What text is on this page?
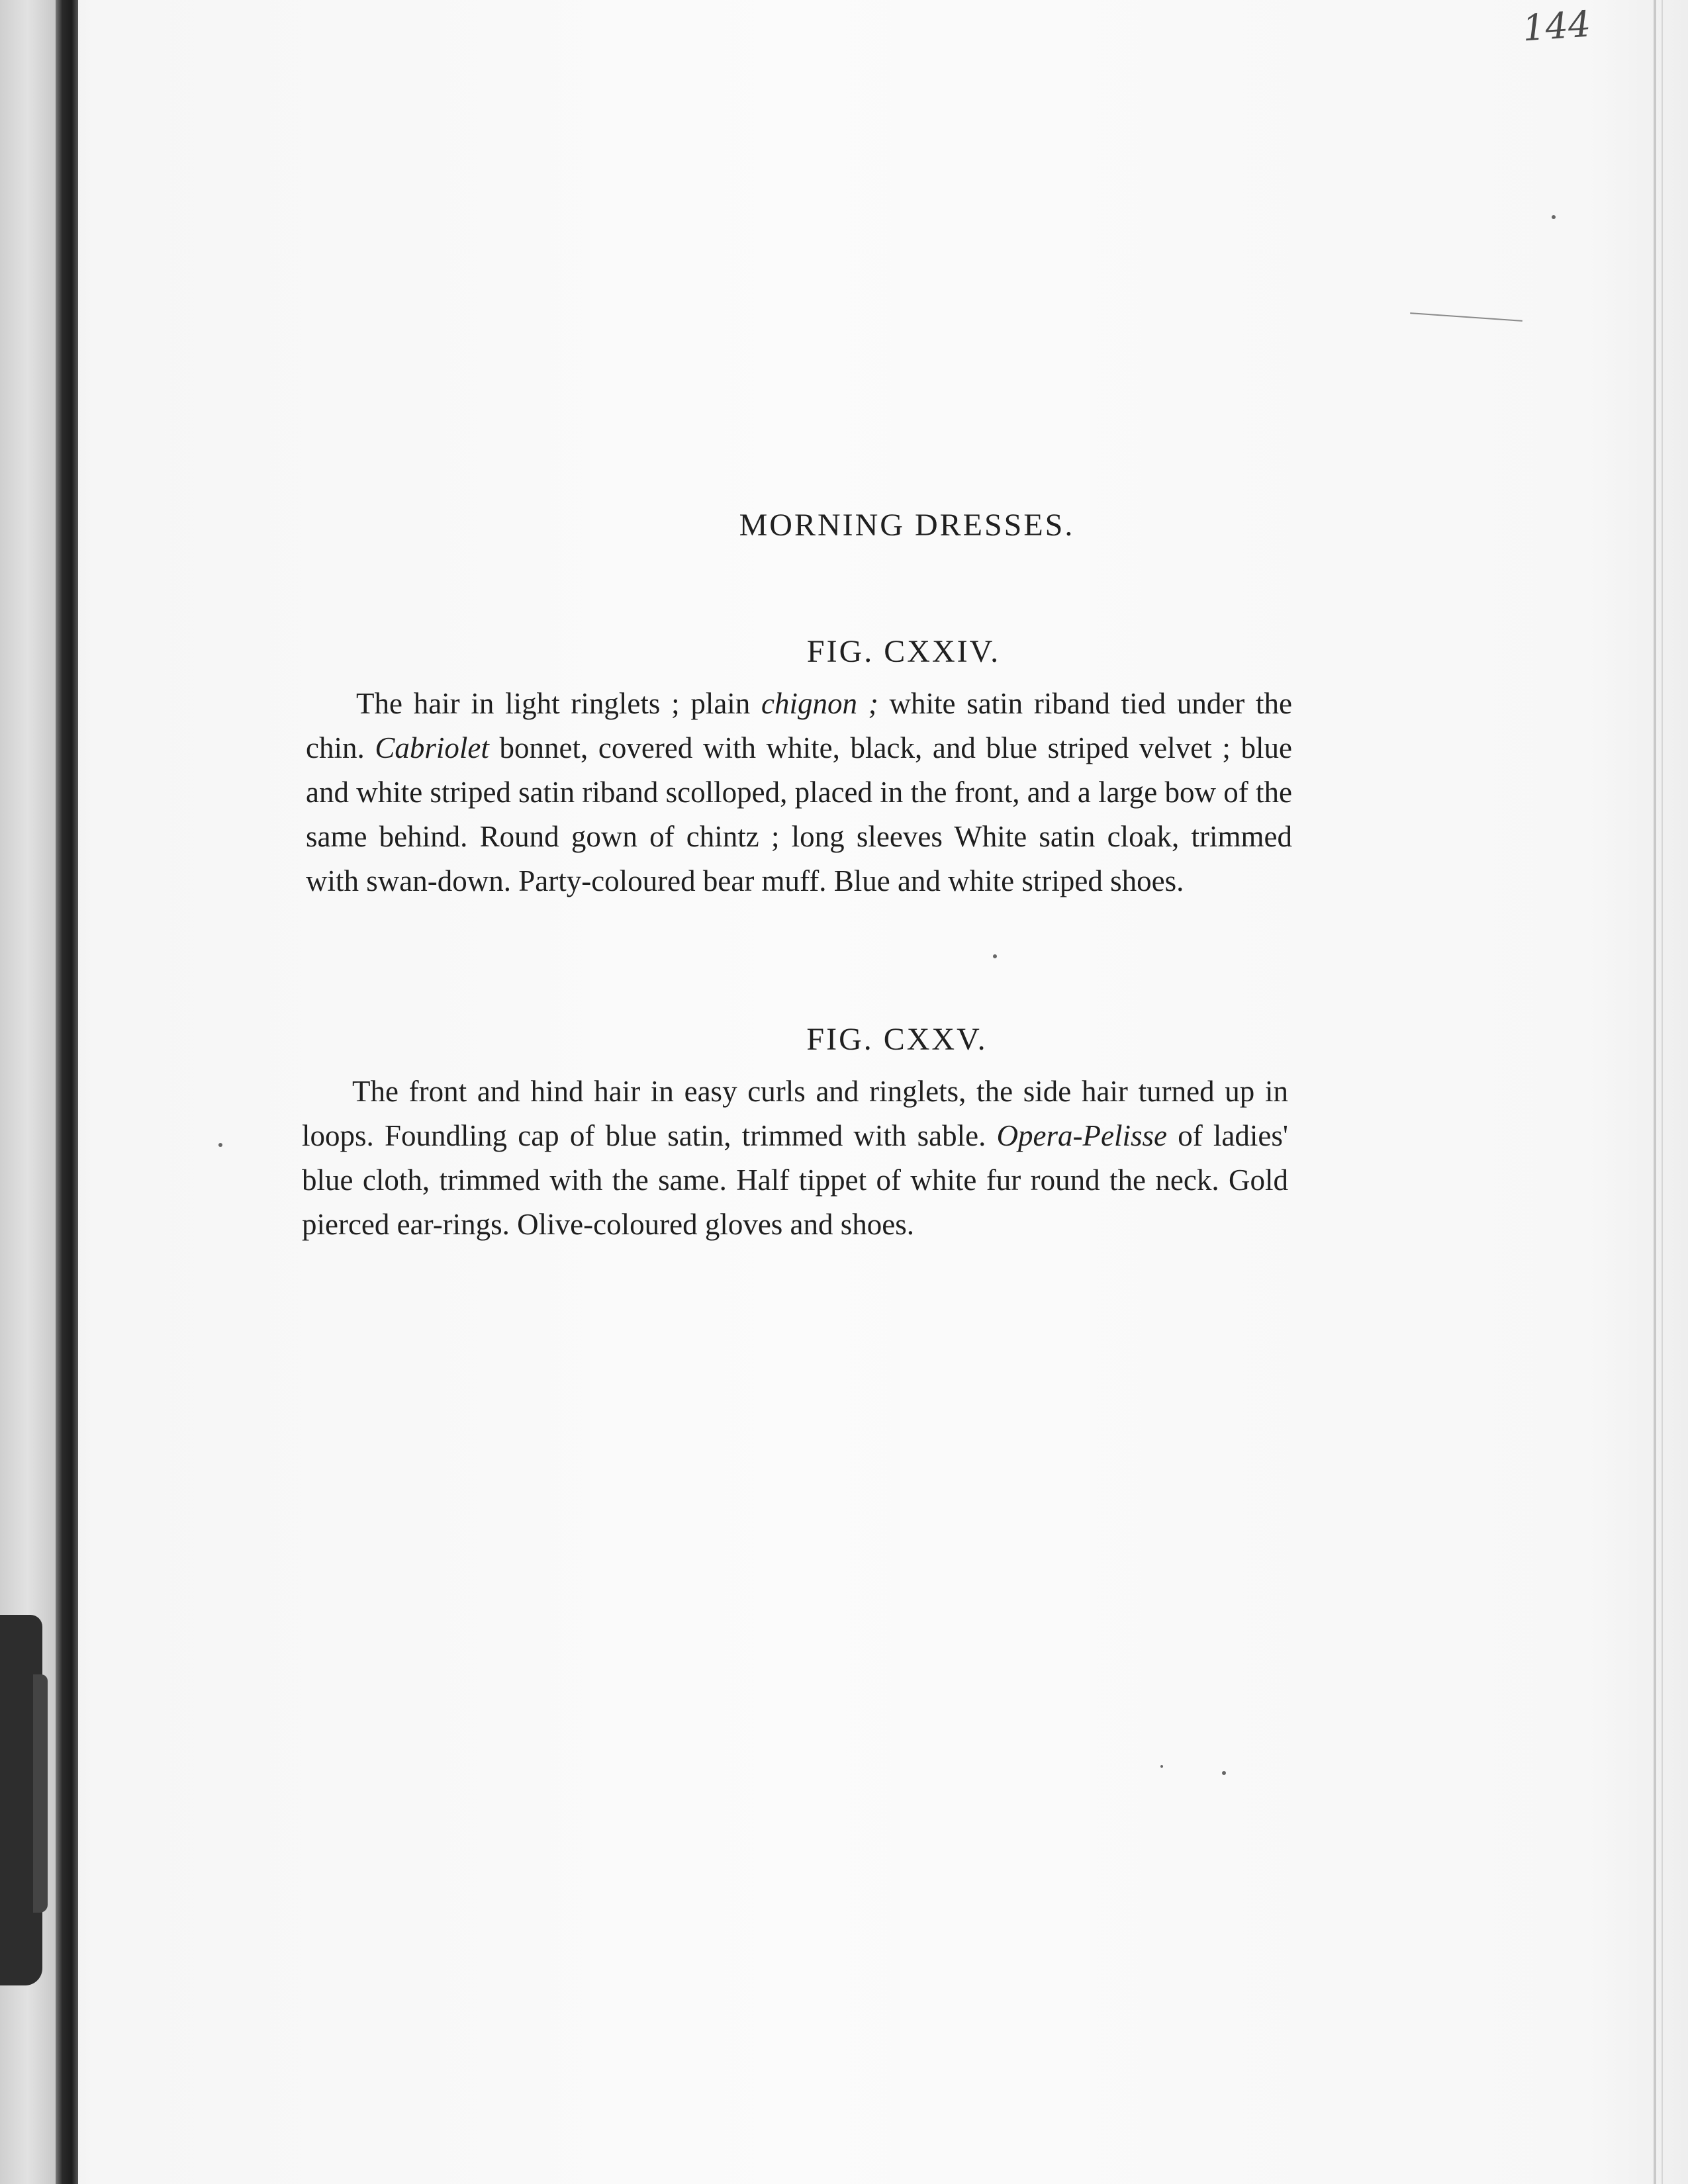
144
MORNING DRESSES.
FIG. CXXIV.
The hair in light ringlets ; plain chignon ; white satin riband tied under the chin. Cabriolet bonnet, covered with white, black, and blue striped velvet ; blue and white striped satin riband scolloped, placed in the front, and a large bow of the same behind. Round gown of chintz ; long sleeves White satin cloak, trimmed with swan-down. Party-coloured bear muff. Blue and white striped shoes.
FIG. CXXV.
The front and hind hair in easy curls and ringlets, the side hair turned up in loops. Foundling cap of blue satin, trimmed with sable. Opera-Pelisse of ladies' blue cloth, trimmed with the same. Half tippet of white fur round the neck. Gold pierced ear-rings. Olive-coloured gloves and shoes.
